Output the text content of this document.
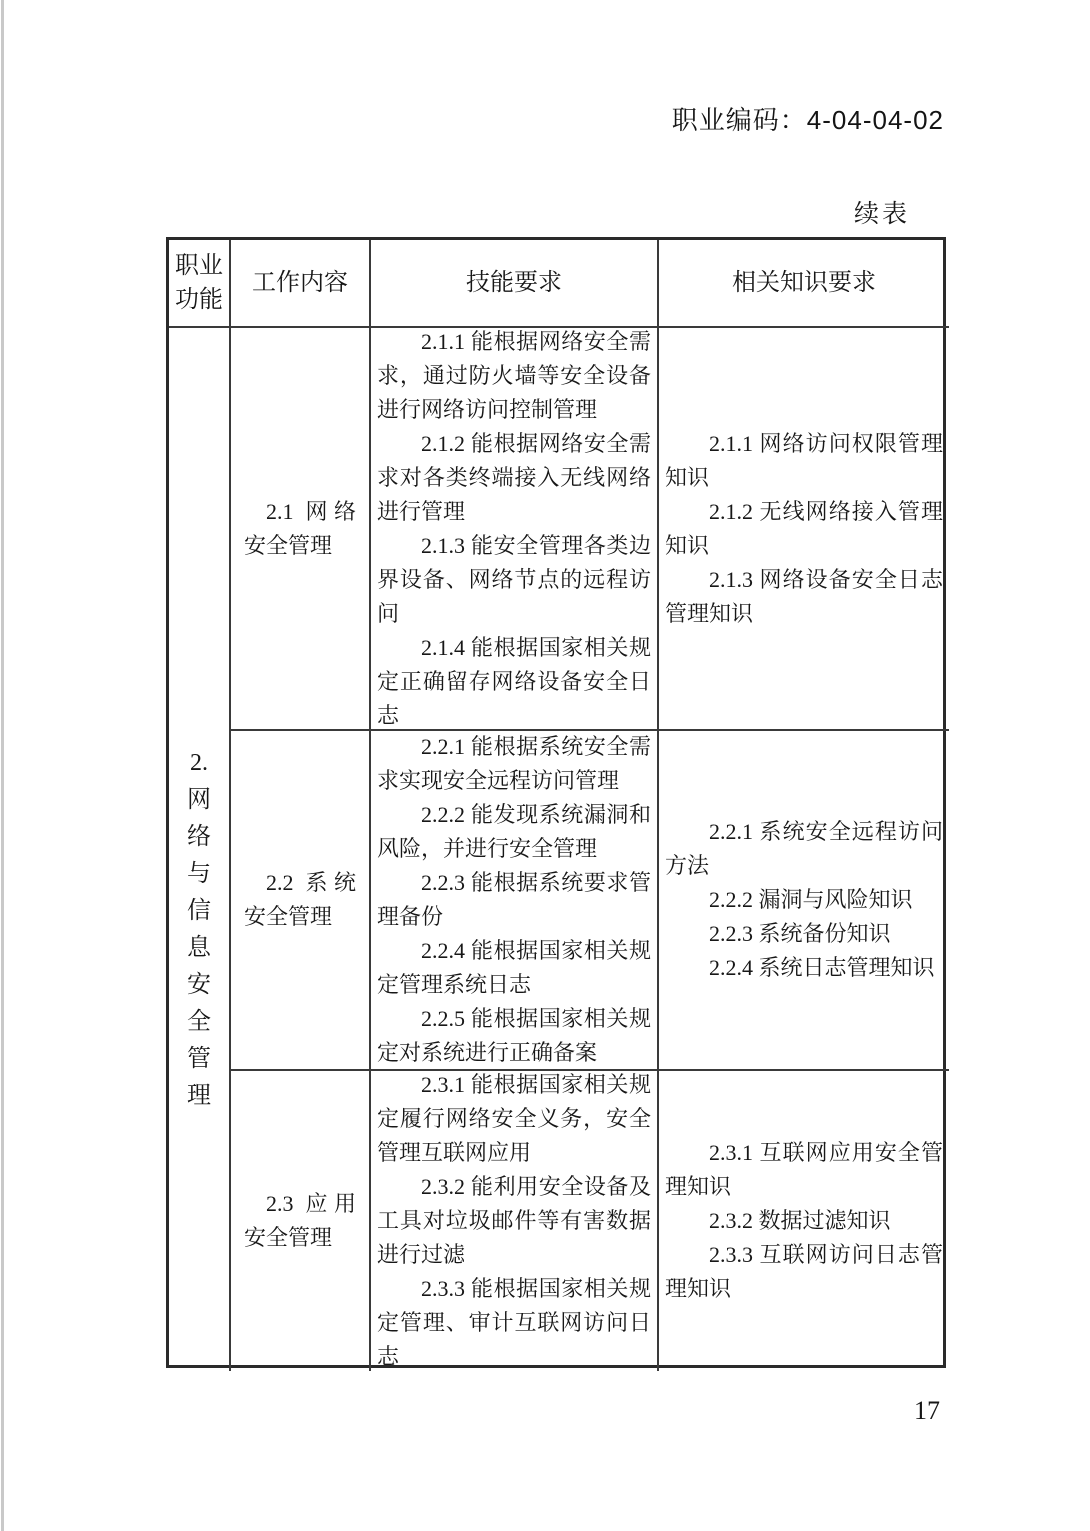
职业编码：4-04-04-02
续表
职业功能
工作内容	技能要求	相关知识要求
2. 网络与信息安全管理
2.1 网络安全管理

2.1.1 能根据网络安全需求，通过防火墙等安全设备进行网络访问控制管理

2.1.2 能根据网络安全需求对各类终端接入无线网络进行管理

2.1.3 能安全管理各类边界设备、网络节点的远程访问

2.1.4 能根据国家相关规定正确留存网络设备安全日志

2.1.1 网络访问权限管理知识

2.1.2 无线网络接入管理知识

2.1.3 网络设备安全日志管理知识

2.2 系统安全管理

2.2.1 能根据系统安全需求实现安全远程访问管理

2.2.2 能发现系统漏洞和风险，并进行安全管理

2.2.3 能根据系统要求管理备份

2.2.4 能根据国家相关规定管理系统日志

2.2.5 能根据国家相关规定对系统进行正确备案

2.2.1 系统安全远程访问方法

2.2.2 漏洞与风险知识

2.2.3 系统备份知识

2.2.4 系统日志管理知识

2.3 应用安全管理

2.3.1 能根据国家相关规定履行网络安全义务，安全管理互联网应用

2.3.2 能利用安全设备及工具对垃圾邮件等有害数据进行过滤

2.3.3 能根据国家相关规定管理、审计互联网访问日志

2.3.1 互联网应用安全管理知识

2.3.2 数据过滤知识

2.3.3 互联网访问日志管理知识

17
